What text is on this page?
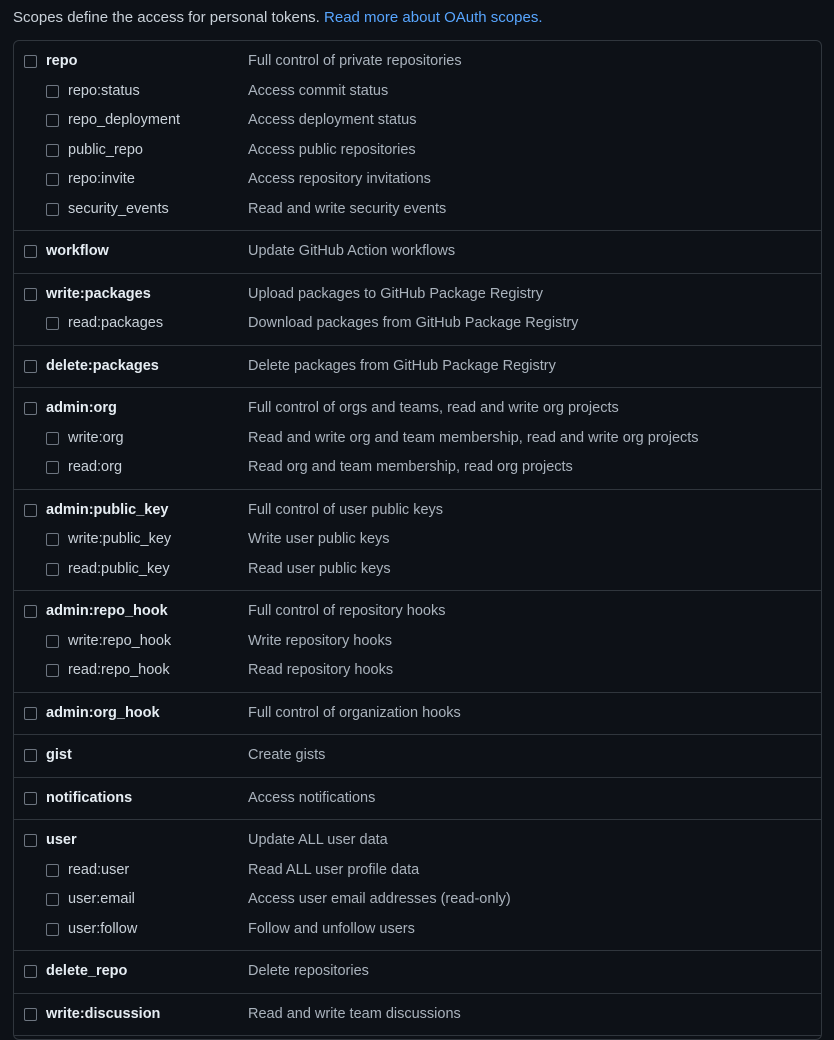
Scopes define the access for personal tokens. Read more about OAuth scopes.
repo	Full control of private repositories
repo:status	Access commit status
repo_deployment	Access deployment status
public_repo	Access public repositories
repo:invite	Access repository invitations
security_events	Read and write security events
workflow	Update GitHub Action workflows
write:packages	Upload packages to GitHub Package Registry
read:packages	Download packages from GitHub Package Registry
delete:packages	Delete packages from GitHub Package Registry
admin:org	Full control of orgs and teams, read and write org projects
write:org	Read and write org and team membership, read and write org projects
read:org	Read org and team membership, read org projects
admin:public_key	Full control of user public keys
write:public_key	Write user public keys
read:public_key	Read user public keys
admin:repo_hook	Full control of repository hooks
write:repo_hook	Write repository hooks
read:repo_hook	Read repository hooks
admin:org_hook	Full control of organization hooks
gist	Create gists
notifications	Access notifications
user	Update ALL user data
read:user	Read ALL user profile data
user:email	Access user email addresses (read-only)
user:follow	Follow and unfollow users
delete_repo	Delete repositories
write:discussion	Read and write team discussions
